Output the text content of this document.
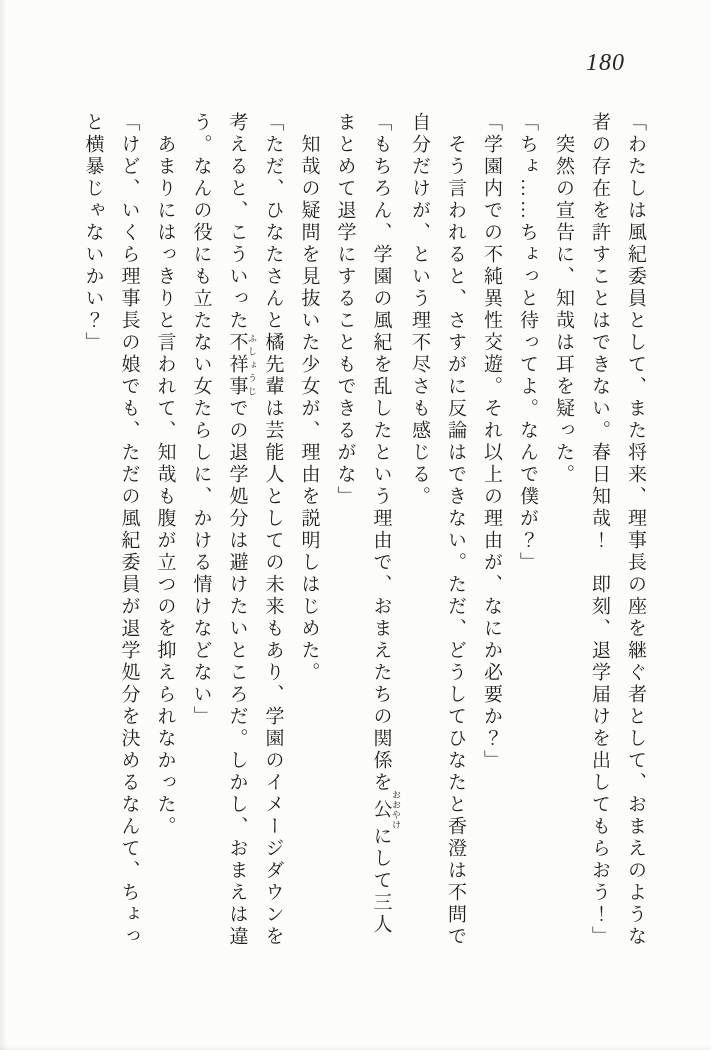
180

「わたしは風紀委員として、また将来、理事長の座を継ぐ者として、おまえのような者の存在を許すことはできない。春日知哉！　即刻、退学届けを出してもらおう！」

突然の宣告に、知哉は耳を疑った。

「ちょ……ちょっと待ってよ。なんで僕が？」

「学園内での不純異性交遊。それ以上の理由が、なにか必要か？」

そう言われると、さすがに反論はできない。ただ、どうしてひなたと香澄は不問で自分だけが、という理不尽さも感じる。

「もちろん、学園の風紀を乱したという理由で、おまえたちの関係を公 おおやけにして三人まとめて退学にすることもできるがな」

知哉の疑問を見抜いた少女が、理由を説明しはじめた。

「ただ、ひなたさんと橘先輩は芸能人としての未来もあり、学園のイメージダウンを考えると、こういった不祥事 ふしょうじでの退学処分は避けたいところだ。しかし、おまえは違う。なんの役にも立たない女たらしに、かける情けなどない」

あまりにはっきりと言われて、知哉も腹が立つのを抑えられなかった。

「けど、いくら理事長の娘でも、ただの風紀委員が退学処分を決めるなんて、ちょっと横暴じゃないかい？」
